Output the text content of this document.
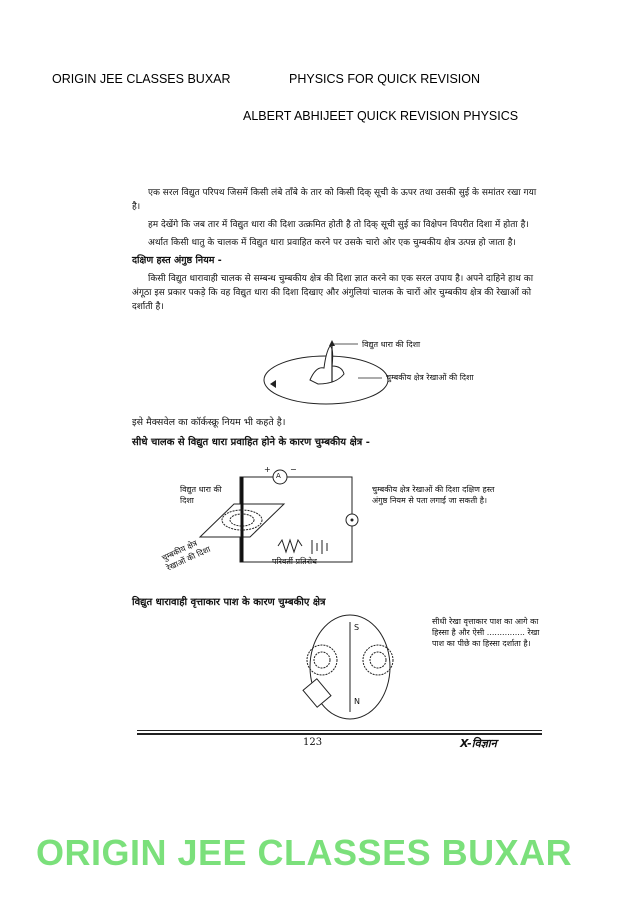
ORIGIN JEE CLASSES BUXAR	PHYSICS FOR QUICK REVISION
ALBERT ABHIJEET QUICK REVISION PHYSICS

एक सरल विद्युत परिपथ जिसमें किसी लंबे ताँबे के तार को किसी दिक् सूची के ऊपर तथा उसकी सुई के समांतर रखा गया है।

हम देखेंगे कि जब तार में विद्युत धारा की दिशा उत्क्रमित होती है तो दिक् सूची सुई का विक्षेपन विपरीत दिशा में होता है।

अर्थात किसी धातु के चालक में विद्युत धारा प्रवाहित करने पर उसके चारो ओर एक चुम्बकीय क्षेत्र उत्पन्न हो जाता है।

दक्षिण हस्त अंगुष्ठ नियम -

किसी विद्युत धारावाही चालक से सम्बन्ध चुम्बकीय क्षेत्र की दिशा ज्ञात करने का एक सरल उपाय है। अपने दाहिने हाथ का अंगूठा इस प्रकार पकड़े कि वह विद्युत धारा की दिशा दिखाए और अंगुलियां चालक के चारों ओर चुम्बकीय क्षेत्र की रेखाओं को दर्शाती है।

विद्युत धारा की दिशा
चुम्बकीय क्षेत्र रेखाओं की दिशा

इसे मैक्सवेल का कॉर्कस्क्रू नियम भी कहते है।

सीधे चालक से विद्युत धारा प्रवाहित होने के कारण चुम्बकीय क्षेत्र -

A
+ −
विद्युत धारा की दिशा
चुम्बकीय क्षेत्र रेखाओं की दिशा	परिवर्ती प्रतिरोध
चुम्बकीय क्षेत्र रेखाओं की दिशा दक्षिण हस्त अंगुष्ठ नियम से पता लगाई जा सकती है।

विद्युत धारावाही वृत्ताकार पाश के कारण चुम्बकीए क्षेत्र

S
N
सीधी रेखा वृत्ताकार पाश का आगे का हिस्सा है और ऐसी ............... रेखा पाश का पीछे का हिस्सा दर्शाता है।
123	X-विज्ञान
ORIGIN JEE CLASSES BUXAR
